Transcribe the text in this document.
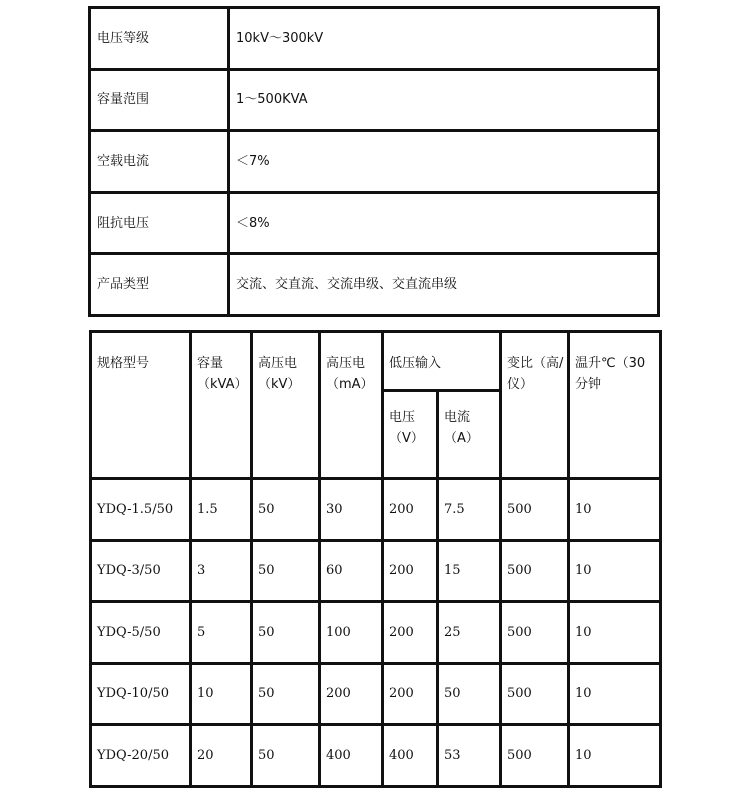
电压等级	10kV～300kV
容量范围	1～500KVA
空载电流	＜7%
阻抗电压	＜8%
产品类型	交流、交直流、交流串级、交直流串级
规格型号	容量（kVA）	高压电（kV）	高压电（mA）	低压输入		变比（高/仪）	温升℃（30分钟
				电压（V）	电流（A）		
YDQ-1.5/50	1.5	50	30	200	7.5	500	10
YDQ-3/50	3	50	60	200	15	500	10
YDQ-5/50	5	50	100	200	25	500	10
YDQ-10/50	10	50	200	200	50	500	10
YDQ-20/50	20	50	400	400	53	500	10
